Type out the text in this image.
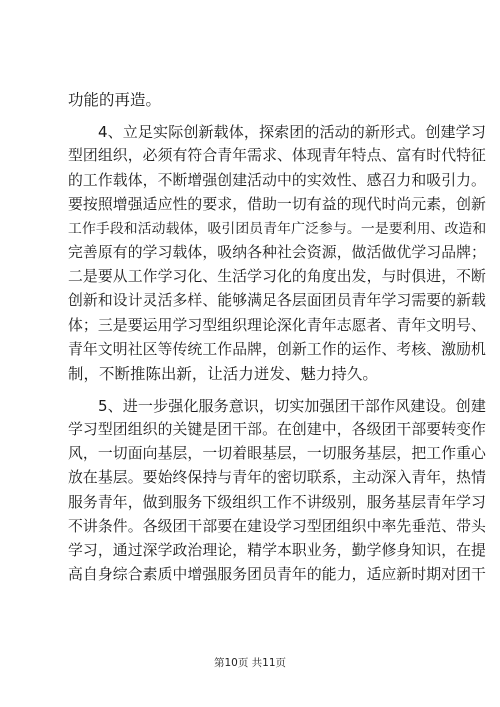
功能的再造。
4、立足实际创新载体，探索团的活动的新形式。创建学习
型团组织，必须有符合青年需求、体现青年特点、富有时代特征
的工作载体，不断增强创建活动中的实效性、感召力和吸引力。
要按照增强适应性的要求，借助一切有益的现代时尚元素，创新
工作手段和活动载体，吸引团员青年广泛参与。一是要利用、改造和
完善原有的学习载体，吸纳各种社会资源，做活做优学习品牌；
二是要从工作学习化、生活学习化的角度出发，与时俱进，不断
创新和设计灵活多样、能够满足各层面团员青年学习需要的新载
体；三是要运用学习型组织理论深化青年志愿者、青年文明号、
青年文明社区等传统工作品牌，创新工作的运作、考核、激励机
制，不断推陈出新，让活力迸发、魅力持久。
5、进一步强化服务意识，切实加强团干部作风建设。创建
学习型团组织的关键是团干部。在创建中，各级团干部要转变作
风，一切面向基层，一切着眼基层，一切服务基层，把工作重心
放在基层。要始终保持与青年的密切联系，主动深入青年，热情
服务青年，做到服务下级组织工作不讲级别，服务基层青年学习
不讲条件。各级团干部要在建设学习型团组织中率先垂范、带头
学习，通过深学政治理论，精学本职业务，勤学修身知识，在提
高自身综合素质中增强服务团员青年的能力，适应新时期对团干
第10页 共11页
